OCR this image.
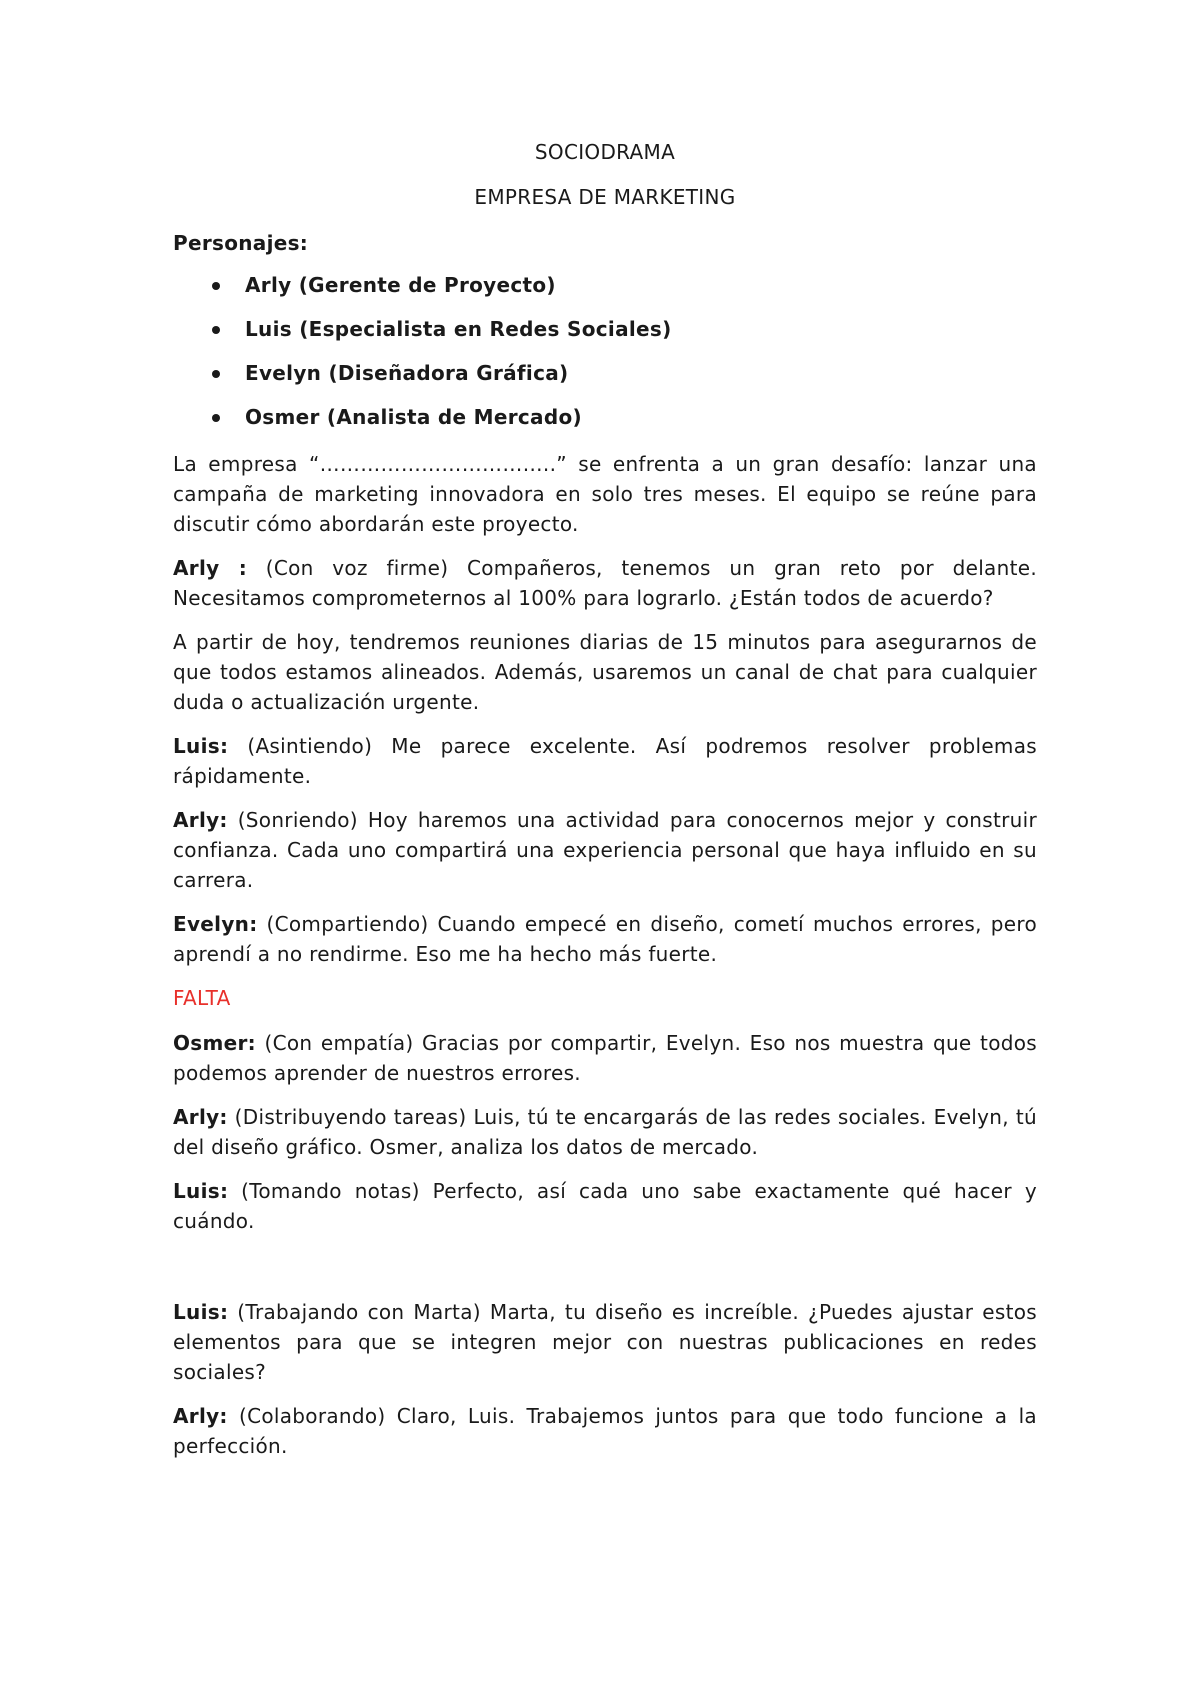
SOCIODRAMA
EMPRESA DE MARKETING
Personajes:
Arly (Gerente de Proyecto)
Luis (Especialista en Redes Sociales)
Evelyn (Diseñadora Gráfica)
Osmer (Analista de Mercado)

La empresa “……………………………..” se enfrenta a un gran desafío: lanzar una campaña de marketing innovadora en solo tres meses. El equipo se reúne para discutir cómo abordarán este proyecto.

Arly : (Con voz firme) Compañeros, tenemos un gran reto por delante. Necesitamos comprometernos al 100% para lograrlo. ¿Están todos de acuerdo?

A partir de hoy, tendremos reuniones diarias de 15 minutos para asegurarnos de que todos estamos alineados. Además, usaremos un canal de chat para cualquier duda o actualización urgente.

Luis: (Asintiendo) Me parece excelente. Así podremos resolver problemas rápidamente.

Arly: (Sonriendo) Hoy haremos una actividad para conocernos mejor y construir confianza. Cada uno compartirá una experiencia personal que haya influido en su carrera.

Evelyn: (Compartiendo) Cuando empecé en diseño, cometí muchos errores, pero aprendí a no rendirme. Eso me ha hecho más fuerte.

FALTA

Osmer: (Con empatía) Gracias por compartir, Evelyn. Eso nos muestra que todos podemos aprender de nuestros errores.

Arly: (Distribuyendo tareas) Luis, tú te encargarás de las redes sociales. Evelyn, tú del diseño gráfico. Osmer, analiza los datos de mercado.

Luis: (Tomando notas) Perfecto, así cada uno sabe exactamente qué hacer y cuándo.

Luis: (Trabajando con Marta) Marta, tu diseño es increíble. ¿Puedes ajustar estos elementos para que se integren mejor con nuestras publicaciones en redes sociales?

Arly: (Colaborando) Claro, Luis. Trabajemos juntos para que todo funcione a la perfección.
